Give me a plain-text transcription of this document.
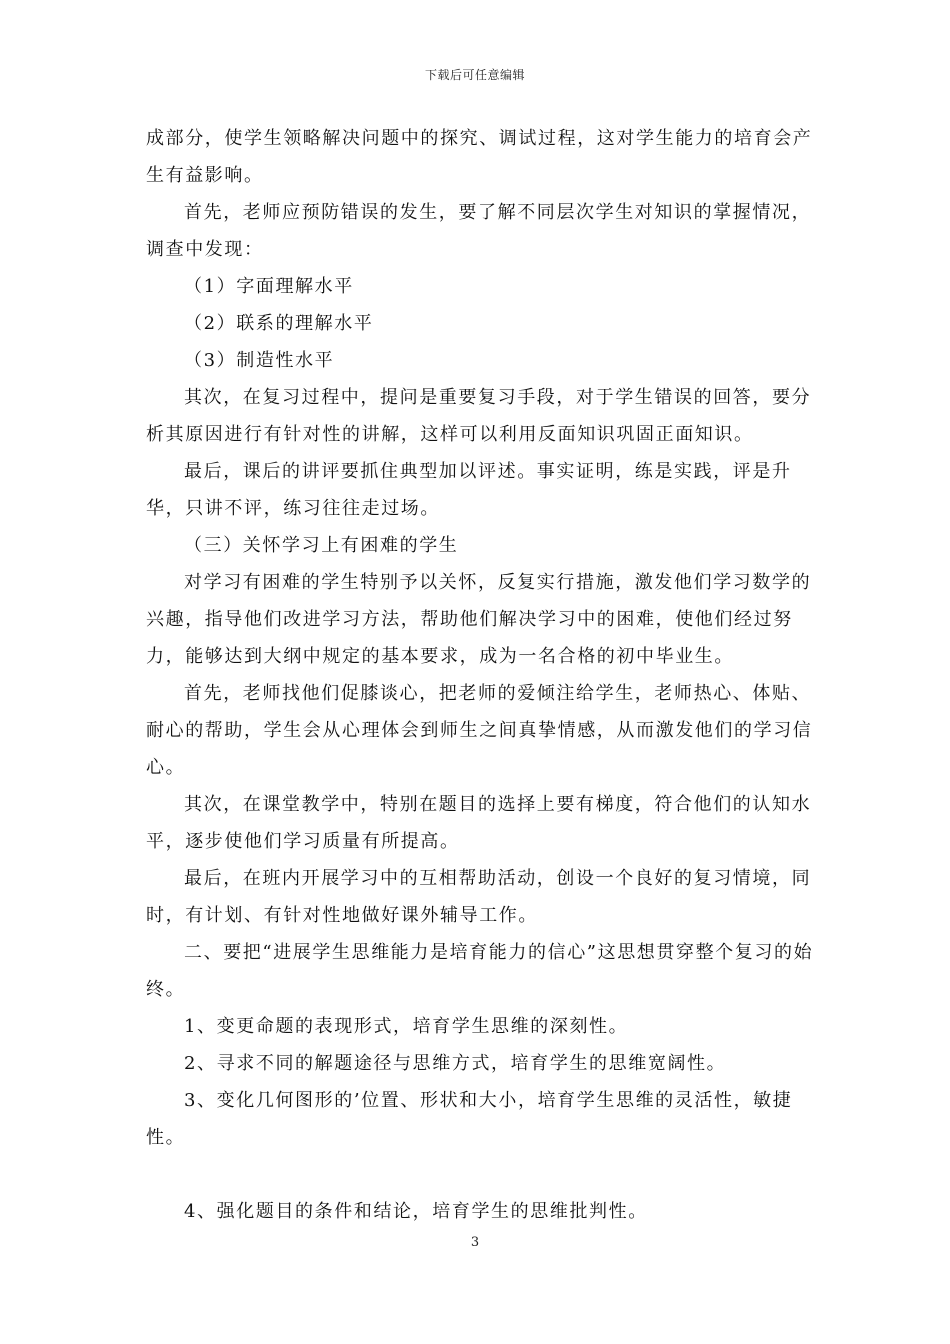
下载后可任意编辑

成部分，使学生领略解决问题中的探究、调试过程，这对学生能力的培育会产生有益影响。

首先，老师应预防错误的发生，要了解不同层次学生对知识的掌握情况，调查中发现：

（1）字面理解水平

（2）联系的理解水平

（3）制造性水平

其次，在复习过程中，提问是重要复习手段，对于学生错误的回答，要分析其原因进行有针对性的讲解，这样可以利用反面知识巩固正面知识。

最后，课后的讲评要抓住典型加以评述。事实证明，练是实践，评是升华，只讲不评，练习往往走过场。

（三）关怀学习上有困难的学生

对学习有困难的学生特别予以关怀，反复实行措施，激发他们学习数学的兴趣，指导他们改进学习方法，帮助他们解决学习中的困难，使他们经过努力，能够达到大纲中规定的基本要求，成为一名合格的初中毕业生。

首先，老师找他们促膝谈心，把老师的爱倾注给学生，老师热心、体贴、耐心的帮助，学生会从心理体会到师生之间真挚情感，从而激发他们的学习信心。

其次，在课堂教学中，特别在题目的选择上要有梯度，符合他们的认知水平，逐步使他们学习质量有所提高。

最后，在班内开展学习中的互相帮助活动，创设一个良好的复习情境，同时，有计划、有针对性地做好课外辅导工作。

二、要把“进展学生思维能力是培育能力的信心”这思想贯穿整个复习的始终。

1、变更命题的表现形式，培育学生思维的深刻性。

2、寻求不同的解题途径与思维方式，培育学生的思维宽阔性。

3、变化几何图形的’位置、形状和大小，培育学生思维的灵活性，敏捷性。

4、强化题目的条件和结论，培育学生的思维批判性。

3
